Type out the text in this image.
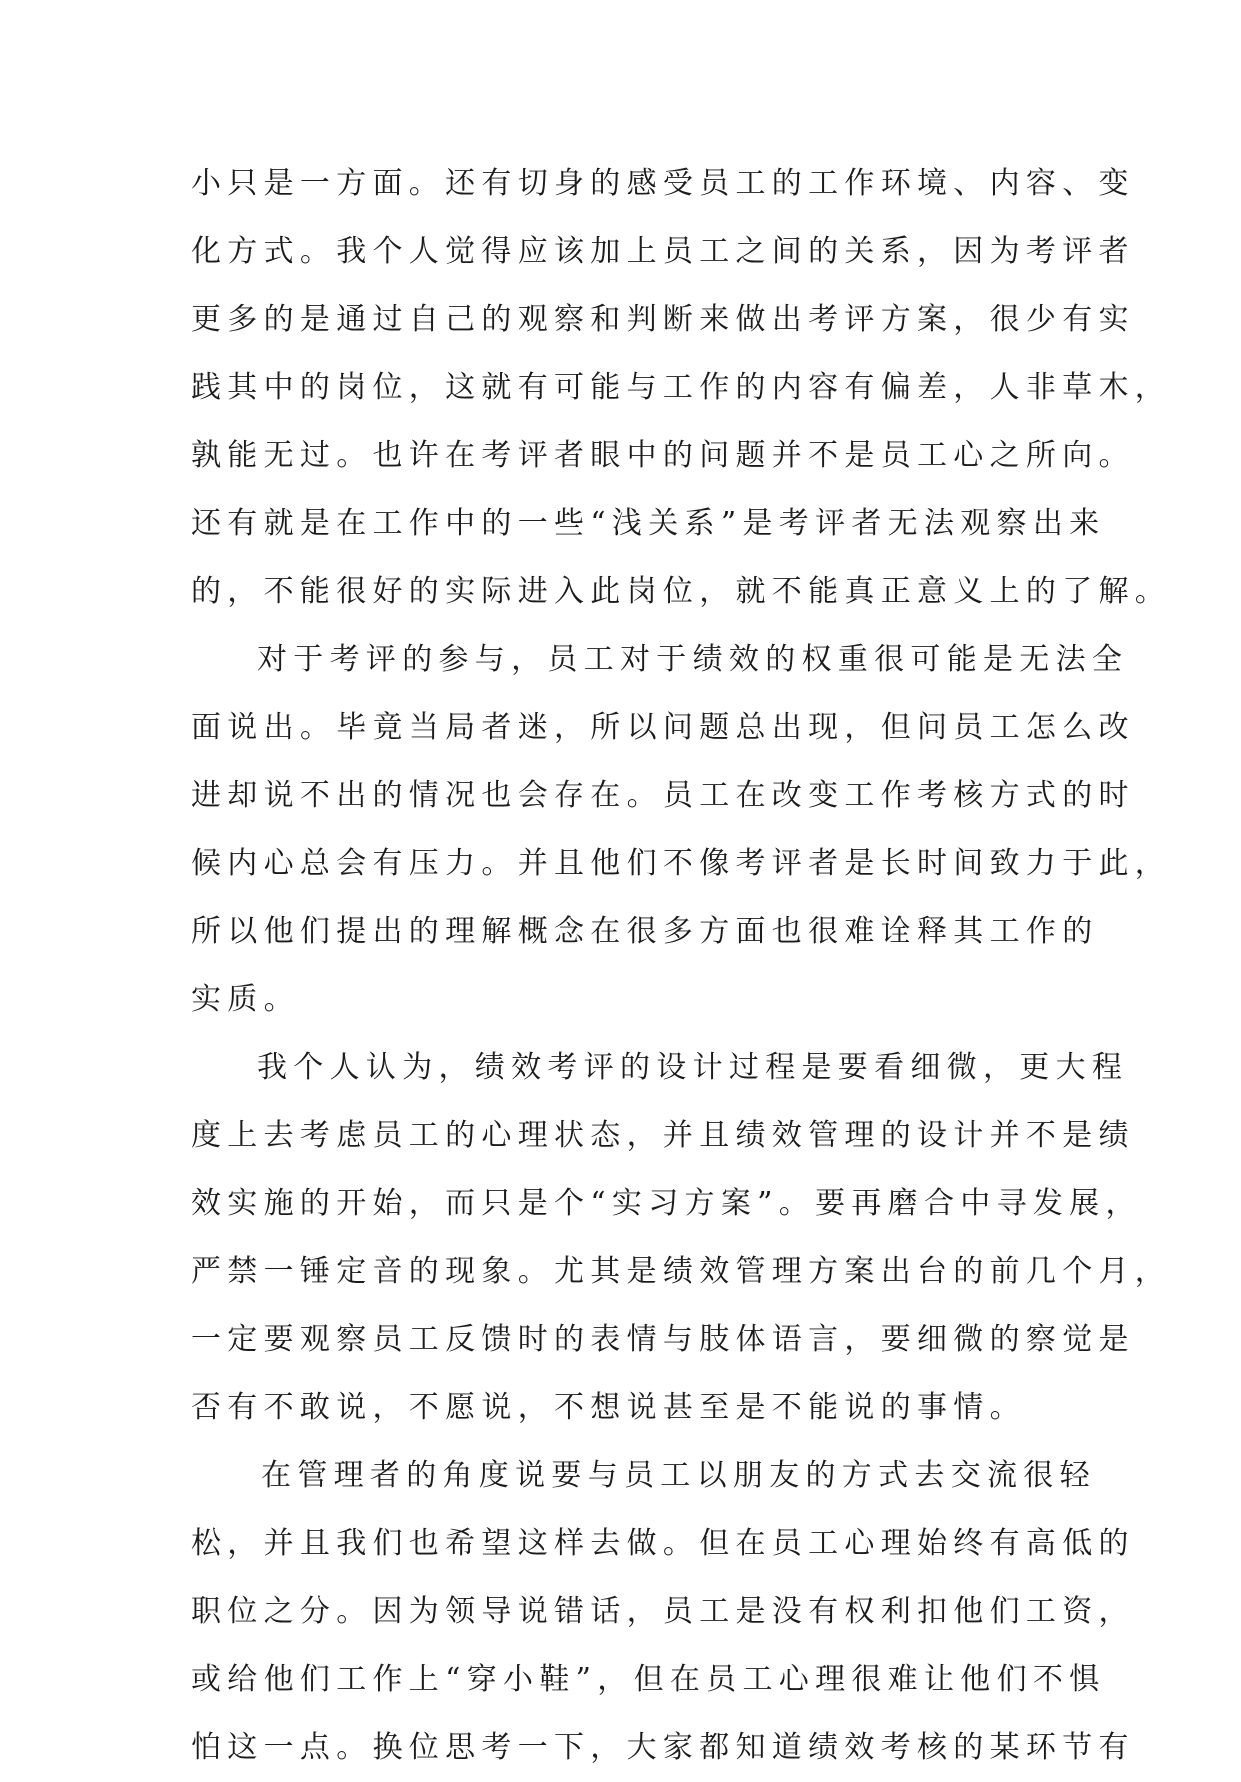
小只是一方面。还有切身的感受员工的工作环境、内容、变
化方式。我个人觉得应该加上员工之间的关系，因为考评者
更多的是通过自己的观察和判断来做出考评方案，很少有实
践其中的岗位，这就有可能与工作的内容有偏差，人非草木，
孰能无过。也许在考评者眼中的问题并不是员工心之所向。
还有就是在工作中的一些“浅关系”是考评者无法观察出来
的，不能很好的实际进入此岗位，就不能真正意义上的了解。
对于考评的参与，员工对于绩效的权重很可能是无法全
面说出。毕竟当局者迷，所以问题总出现，但问员工怎么改
进却说不出的情况也会存在。员工在改变工作考核方式的时
候内心总会有压力。并且他们不像考评者是长时间致力于此，
所以他们提出的理解概念在很多方面也很难诠释其工作的
实质。
我个人认为，绩效考评的设计过程是要看细微，更大程
度上去考虑员工的心理状态，并且绩效管理的设计并不是绩
效实施的开始，而只是个“实习方案”。要再磨合中寻发展，
严禁一锤定音的现象。尤其是绩效管理方案出台的前几个月，
一定要观察员工反馈时的表情与肢体语言，要细微的察觉是
否有不敢说，不愿说，不想说甚至是不能说的事情。
在管理者的角度说要与员工以朋友的方式去交流很轻
松，并且我们也希望这样去做。但在员工心理始终有高低的
职位之分。因为领导说错话，员工是没有权利扣他们工资，
或给他们工作上“穿小鞋”，但在员工心理很难让他们不惧
怕这一点。换位思考一下，大家都知道绩效考核的某环节有
